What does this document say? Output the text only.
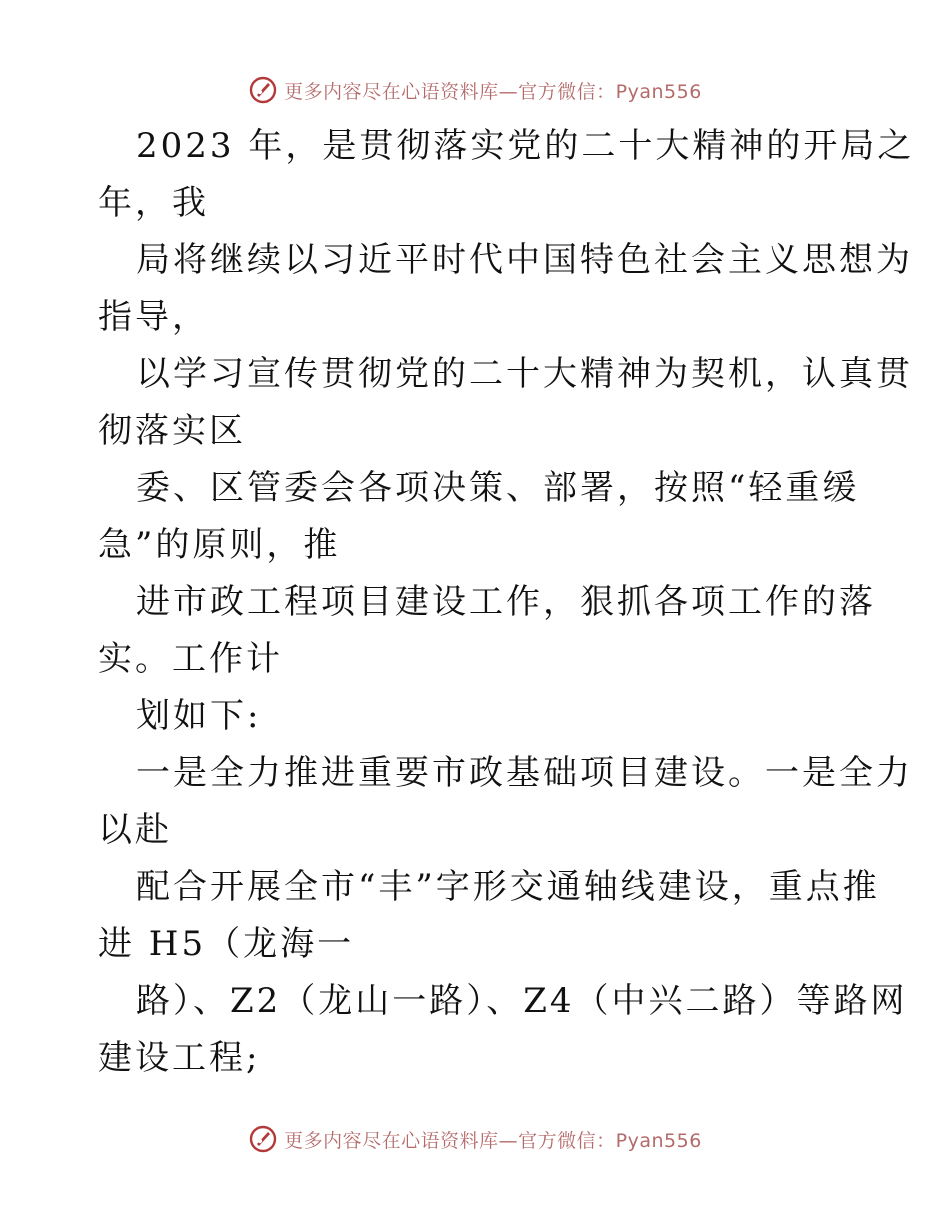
更多内容尽在心语资料库—官方微信：Pyan556

2023 年，是贯彻落实党的二十大精神的开局之
年，我

局将继续以习近平时代中国特色社会主义思想为
指导，

以学习宣传贯彻党的二十大精神为契机，认真贯
彻落实区

委、区管委会各项决策、部署，按照“轻重缓
急”的原则，推

进市政工程项目建设工作，狠抓各项工作的落
实。工作计

划如下:

一是全力推进重要市政基础项目建设。一是全力
以赴

配合开展全市“丰”字形交通轴线建设，重点推
进 H5（龙海一

路）、Z2（龙山一路）、Z4（中兴二路）等路网
建设工程;

更多内容尽在心语资料库—官方微信：Pyan556
